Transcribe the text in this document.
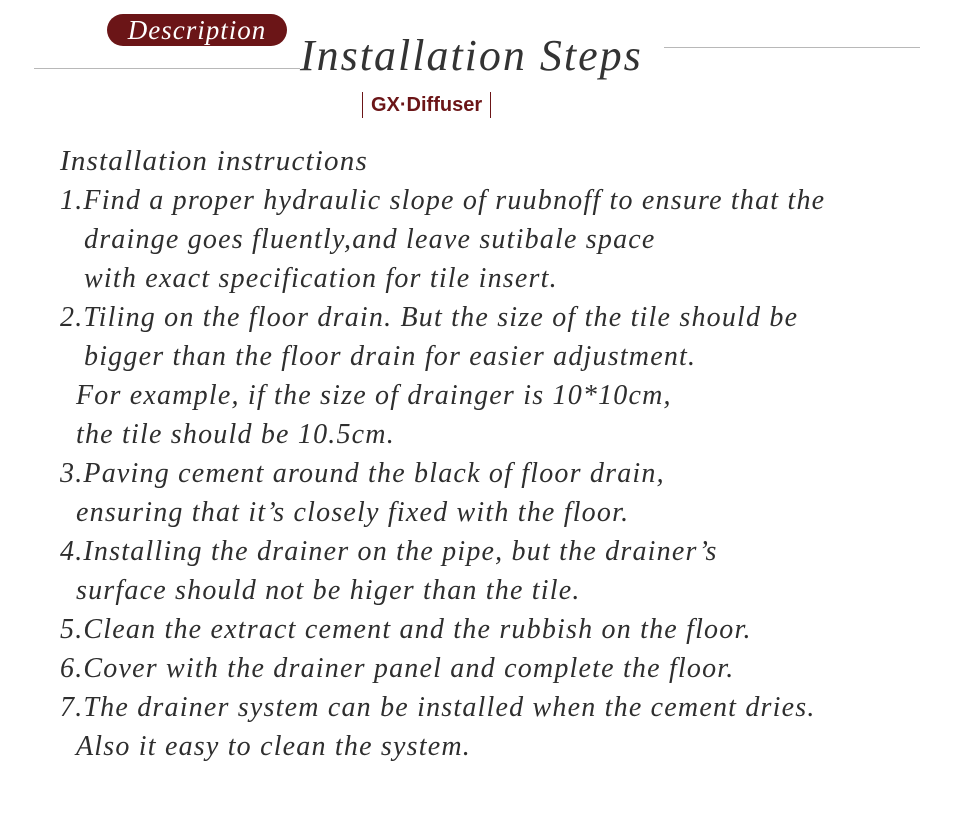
Description
Installation Steps
GX·Diffuser
Installation instructions
1.Find a proper hydraulic slope of ruubnoff to ensure that the
drainge goes fluently,and leave sutibale space
with exact specification for tile insert.
2.Tiling on the floor drain. But the size of the tile should be
bigger than the floor drain for easier adjustment.
For example, if the size of drainger is 10*10cm,
the tile should be 10.5cm.
3.Paving cement around the black of floor drain,
ensuring that it’s closely fixed with the floor.
4.Installing the drainer on the pipe, but the drainer’s
surface should not be higer than the tile.
5.Clean the extract cement and the rubbish on the floor.
6.Cover with the drainer panel and complete the floor.
7.The drainer system can be installed when the cement dries.
Also it easy to clean the system.
